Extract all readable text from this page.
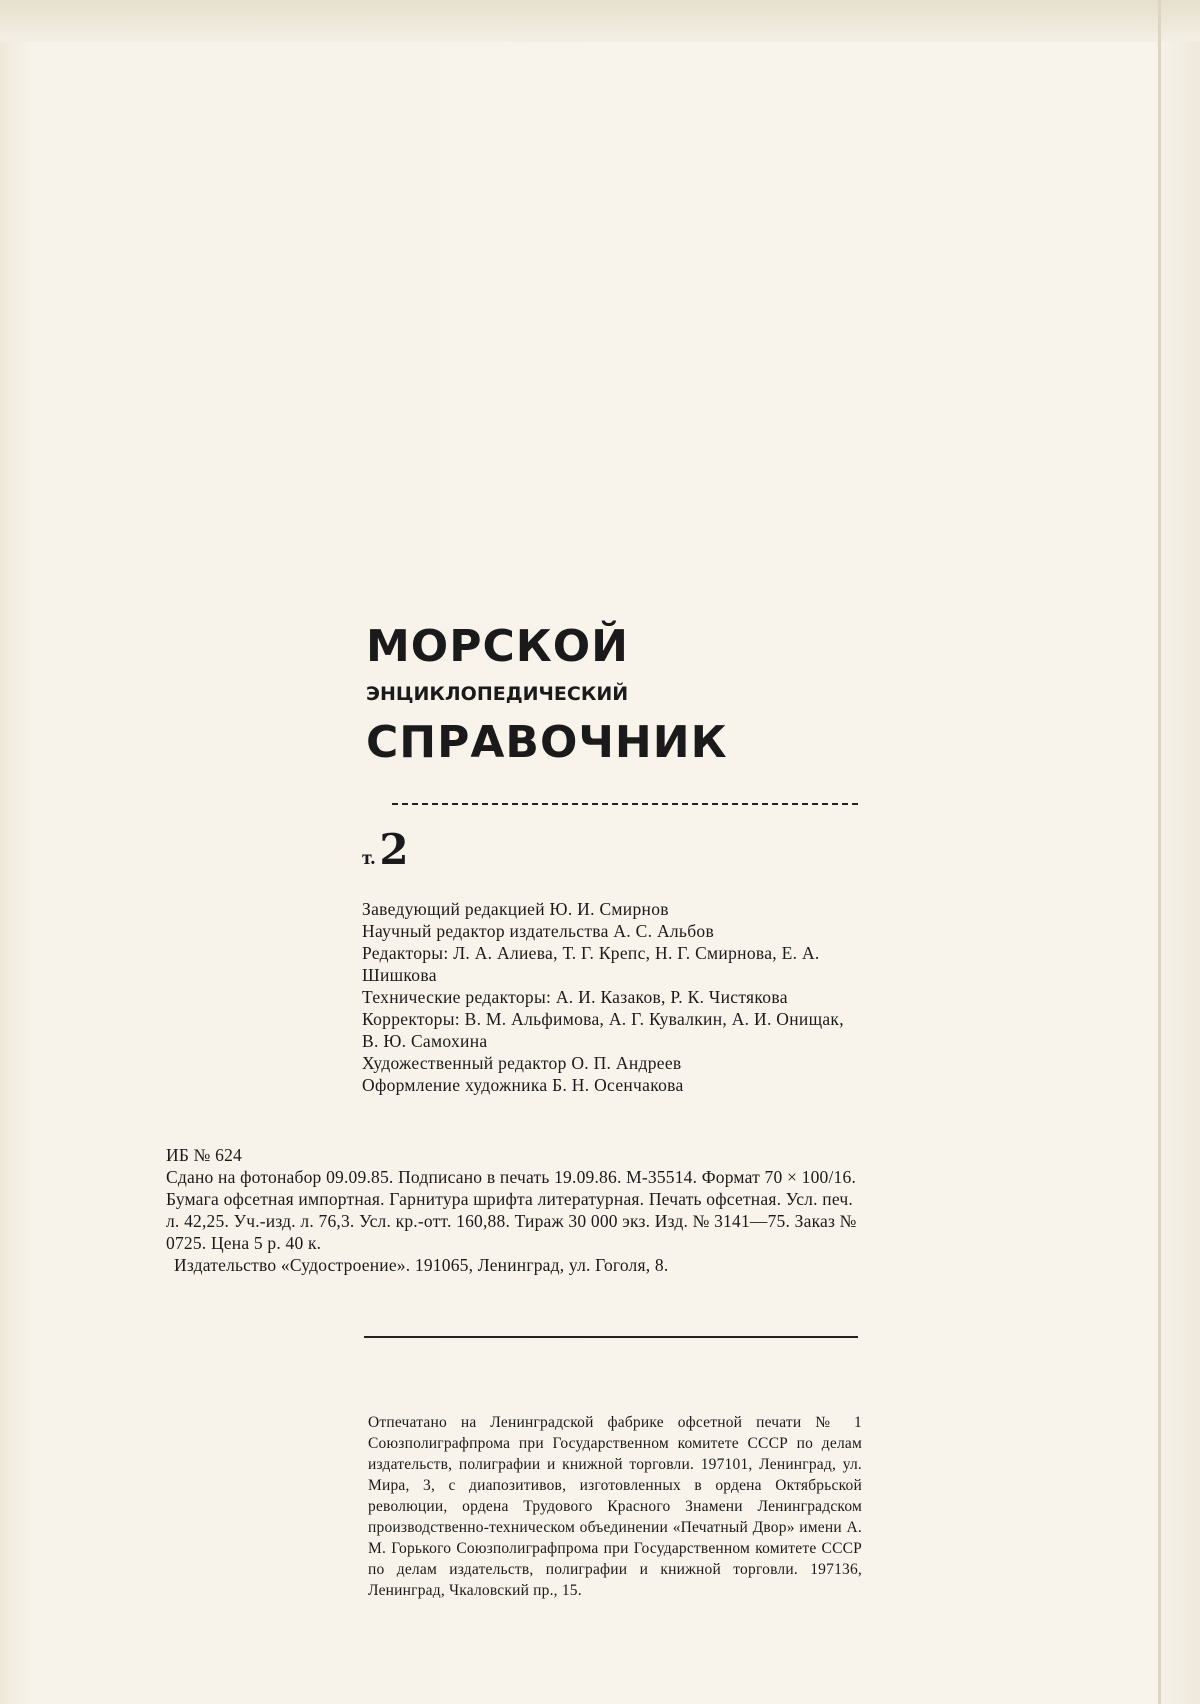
МОРСКОЙ

ЭНЦИКЛОПЕДИЧЕСКИЙ

СПРАВОЧНИК

т. 2

Заведующий редакцией Ю. И. Смирнов

Научный редактор издательства А. С. Альбов

Редакторы: Л. А. Алиева, Т. Г. Крепс, Н. Г. Смирнова, Е. А. Шишкова

Технические редакторы: А. И. Казаков, Р. К. Чистякова

Корректоры: В. М. Альфимова, А. Г. Кувалкин, А. И. Онищак, В. Ю. Самохина

Художественный редактор О. П. Андреев

Оформление художника Б. Н. Осенчакова

ИБ № 624

Сдано на фотонабор 09.09.85. Подписано в печать 19.09.86. М-35514. Формат 70 × 100/16. Бумага офсетная импортная. Гарнитура шрифта литературная. Печать офсетная. Усл. печ. л. 42,25. Уч.-изд. л. 76,3. Усл. кр.-отт. 160,88. Тираж 30 000 экз. Изд. № 3141—75. Заказ № 0725. Цена 5 р. 40 к.

Издательство «Судостроение». 191065, Ленинград, ул. Гоголя, 8.

Отпечатано на Ленинградской фабрике офсетной печати № 1 Союзполиграфпрома при Государственном комитете СССР по делам издательств, полиграфии и книжной торговли. 197101, Ленинград, ул. Мира, 3, с диапозитивов, изготовленных в ордена Октябрьской революции, ордена Трудового Красного Знамени Ленинградском производственно-техническом объединении «Печатный Двор» имени А. М. Горького Союзполиграфпрома при Государственном комитете СССР по делам издательств, полиграфии и книжной торговли. 197136, Ленинград, Чкаловский пр., 15.
